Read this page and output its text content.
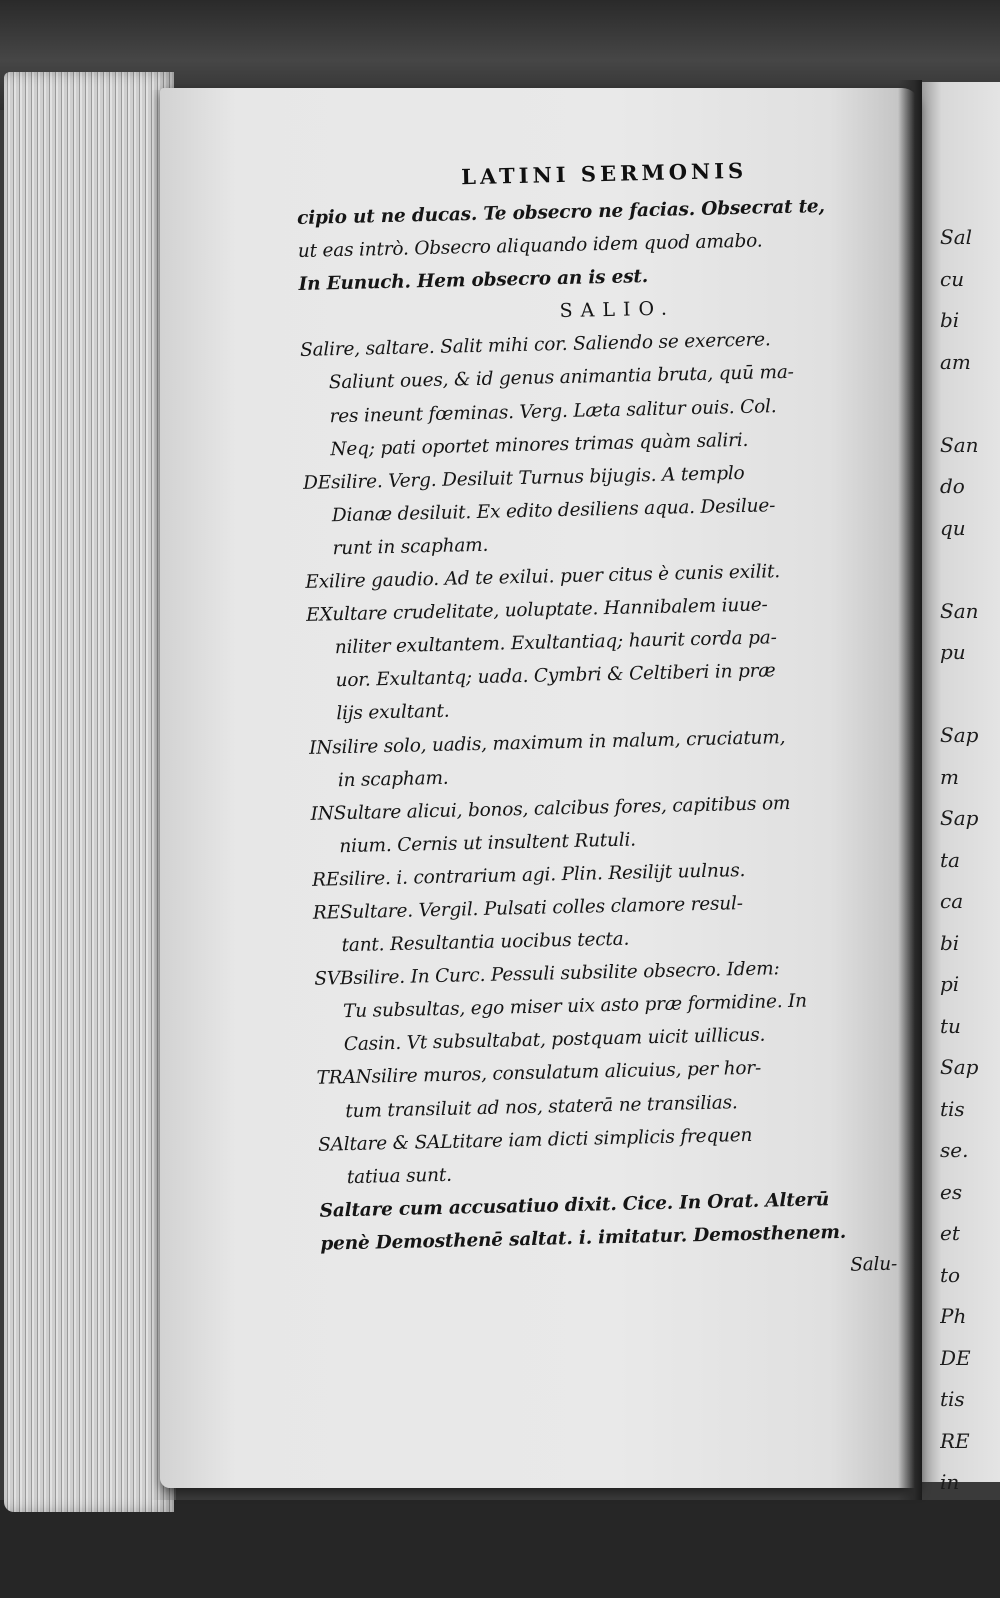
Sal
cu
bi
am
San
do
qu
San
pu
Sap
m
Sap
ta
ca
bi
pi
tu
Sap
tis
se.
es
et
to
Ph
DE
tis
RE
in
LATINI SERMONIS
cipio ut ne ducas. Te obsecro ne facias. Obsecrat te,
ut eas intrò. Obsecro aliquando idem quod amabo.
In Eunuch. Hem obsecro an is est.
SALIO.
Salire, saltare. Salit mihi cor. Saliendo se exercere.
Saliunt oues, & id genus animantia bruta, quū ma-
res ineunt fœminas. Verg. Læta salitur ouis. Col.
Neq; pati oportet minores trimas quàm saliri.
DEsilire. Verg. Desiluit Turnus bijugis. A templo
Dianæ desiluit. Ex edito desiliens aqua. Desilue-
runt in scapham.
Exilire gaudio. Ad te exilui. puer citus è cunis exilit.
EXultare crudelitate, uoluptate. Hannibalem iuue-
niliter exultantem. Exultantiaq; haurit corda pa-
uor. Exultantq; uada. Cymbri & Celtiberi in præ
lijs exultant.
INsilire solo, uadis, maximum in malum, cruciatum,
in scapham.
INSultare alicui, bonos, calcibus fores, capitibus om
nium. Cernis ut insultent Rutuli.
REsilire. i. contrarium agi. Plin. Resilijt uulnus.
RESultare. Vergil. Pulsati colles clamore resul-
tant. Resultantia uocibus tecta.
SVBsilire. In Curc. Pessuli subsilite obsecro. Idem:
Tu subsultas, ego miser uix asto præ formidine. In
Casin. Vt subsultabat, postquam uicit uillicus.
TRANsilire muros, consulatum alicuius, per hor-
tum transiluit ad nos, staterā ne transilias.
SAltare & SALtitare iam dicti simplicis frequen
tatiua sunt.
Saltare cum accusatiuo dixit. Cice. In Orat. Alterū
penè Demosthenē saltat. i. imitatur. Demosthenem.
Salu-
